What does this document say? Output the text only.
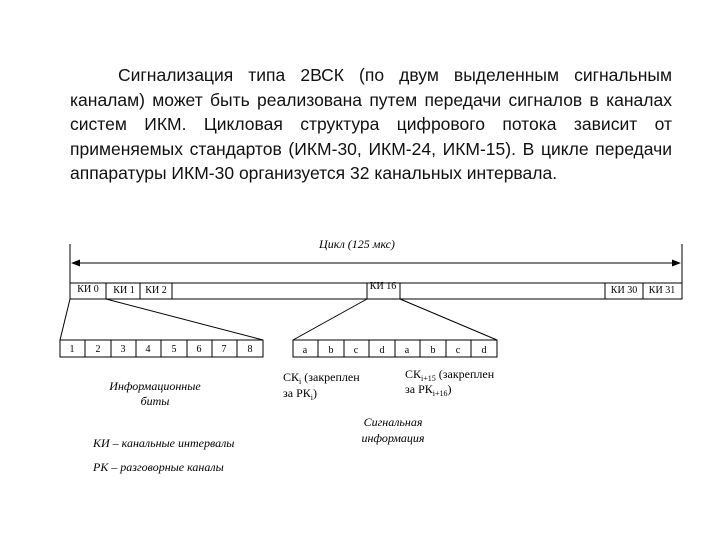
Сигнализация типа 2ВСК (по двум выделенным сигнальным каналам) может быть реализована путем передачи сигналов в каналах систем ИКМ. Цикловая структура цифрового потока зависит от применяемых стандартов (ИКМ-30, ИКМ-24, ИКМ-15). В цикле передачи аппаратуры ИКМ-30 организуется 32 канальных интервала.

Цикл (125 мкс)
КИ 0 КИ 1 КИ 2	КИ 16	КИ 30 КИ 31
1 2 3 4 5 6 7 8	a b c d a b c d
Информационные
биты
$СК_i$ (закреплен
за $РК_i$)
$СК_{i+15}$ (закреплен
за $РК_{i+16}$)
Сигнальная
информация
КИ – канальные интервалы
РК – разговорные каналы
